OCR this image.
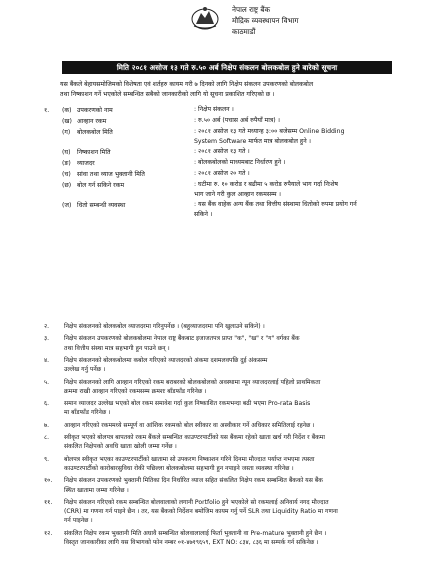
नेपाल राष्ट्र बैंक
मौद्रिक व्यवस्थापन विभाग
काठमाडौं
मिति २०८१ असोज १३ गते रु.५० अर्ब निक्षेप संकलन बोलकबोल हुने बारेको सूचना
यस बैंकले बेहायसमोजिमको विशेषता एवं शर्तहरु कायम गरी ७ दिनको लागि निक्षेप संकलन उपकरणको बोलकबोल
तथा निष्काशन गर्ने भएकोले सम्बन्धित सबैको जानकारीको लागि यो सूचना प्रकाशित गरिएको छ ।
१. (क) उपकरणको नाम	: निक्षेप संकलन ।
(ख) आव्हान रकम	: रु.५० अर्ब (पचास अर्ब रुपैयाँ मात्र) ।
(ग) बोलकबोल मिति	: २०८१ असोज १३ गते मध्यान्ह ३:०० बजेसम्म Online Bidding
System Software मार्फत मात्र बोलकबोल हुने ।
(घ) निष्काशन मिति	: २०८१ असोज १३ गते ।
(ङ) व्याजदर	: बोलकबोलको माध्यमबाट निर्धारण हुने ।
(च) सांवा तथा व्याज भुक्तानी मिति	: २०८१ असोज २० गते ।
(छ) बोल गर्न सकिने रकम	: घटीमा रु. १० करोड र बढीमा ५ करोड रुपैयाले भाग गर्दा निःशेष
भाग जाने गरी कुल आव्हान रकमसम्म ।
(ज) धितो सम्बन्धी व्यवस्था	: यस बैंक वाहेक अन्य बैंक तथा वित्तीय संस्थामा धितोको रुपमा प्रयोग गर्न
सकिने ।
२. निक्षेप संकलनको बोलकबोल व्याजदरमा गरिनुपर्नेछ । (बहुव्याजदरमा पनि खुलाउने सकिने) ।
३. निक्षेप संकलन उपकरणको बोलकबोलमा नेपाल राष्ट्र बैंकबाट इजाजतपत्र प्राप्त "क", "ख" र "ग" वर्गका बैंक
तथा वित्तीय संस्था मात्र सहभागी हुन पाउने छन् ।
४. निक्षेप संकलनको बोलकबोलमा कबोल गरिएको व्याजदरको अंकमा दशमलवपछि दुई अंकसम्म
उल्लेख गर्नु पर्नेछ ।
५. निक्षेप संकलनको लागि आव्हान गरिएको रकम बराबरको बोलकबोलको अवस्थामा न्यून व्याजदरलाई पहिलो प्राथमिकता
क्रममा राखी आव्हान गरिएको रकमसम्म क्रमशः बाँडफाँड गरिनेछ ।
६. समान व्याजदर उल्लेख भएको बोल रकम समावेश गर्दा कुल निष्काशित रकमभन्दा बढी भएमा Pro-rata Basis
मा बाँडफाँड गरिनेछ ।
७. आव्हान गरिएको रकममध्ये सम्पूर्ण वा आंशिक रकमको बोल स्वीकार वा अस्वीकार गर्ने अधिकार समितिलाई रहनेछ ।
८. स्वीकृत भएको बोलपत्र बापतको रकम बैंकले सम्बन्धित काउण्टरपार्टीको यस बैंकमा रहेको खाता खर्च गरी निर्देश र बैंकमा
संकलित निक्षेपको अवधि खाता खोली जम्मा गर्नेछ ।
९. बोलपत्र स्वीकृत भएका काउण्टरपार्टीको खातामा सो उपकरण निष्काशन गरिने दिनमा मौज्दात पर्याप्त नभएमा त्यस्ता
काउण्टरपार्टीको कारोबारसुविधा रोकी पछिल्ला बोलकबोलमा सहभागी हुन नपाइने जस्ता व्यवस्था गरिनेछ ।
१०. निक्षेप संकलन उपकरणको भुक्तानी मितिका दिन निर्धारित व्याज सहित संकलित निक्षेप रकम सम्बन्धित बैंकको यस बैंक
स्थित खातामा जम्मा गरिनेछ ।
११. निक्षेप संकलन गरिएको रकम सम्बन्धित बोलवालाको लगानी Portfolio हुने भएकोले सो रकमलाई अनिवार्य नगद मौज्दात
(CRR) मा गणना गर्न पाइने छैन । तर, यस बैंकको निर्देशन बमोजिम कायम गर्नु पर्ने SLR तथा Liquidity Ratio मा गणना
गर्न पाइनेछ ।
१२. संकलित निक्षेप रकम भुक्तानी मिति अघावै सम्बन्धित बोलवालालाई फिर्ता भुक्तानी वा Pre-mature भुक्तानी हुने छैन ।
विस्तृत जानकारीका लागि यस विभागको फोन नम्बर ०१-४७१९६५९, EXT NO: ८३४, ८३६ मा सम्पर्क गर्न सकिनेछ ।
